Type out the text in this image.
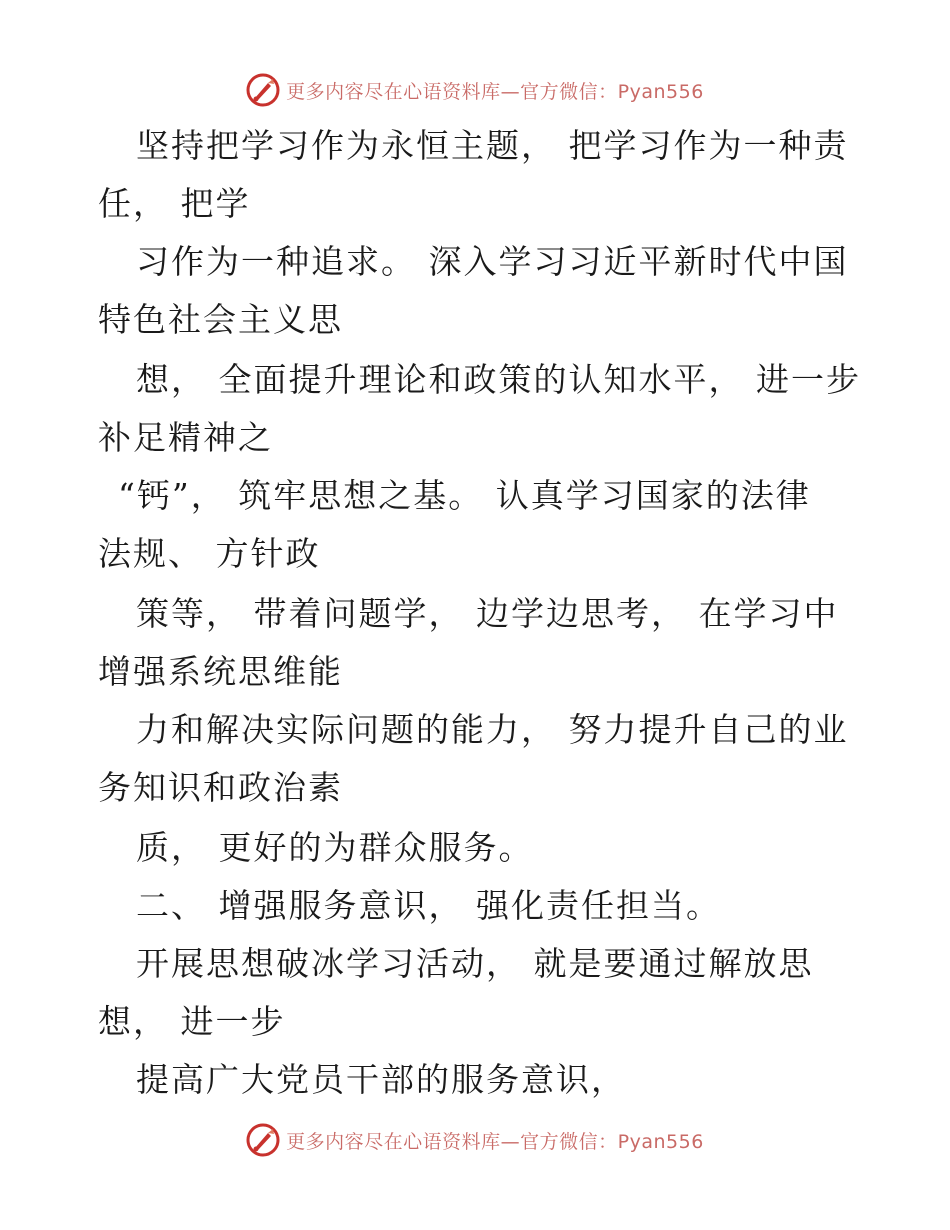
更多内容尽在心语资料库—官方微信：Pyan556
坚持把学习作为永恒主题， 把学习作为一种责
任， 把学
习作为一种追求。 深入学习习近平新时代中国
特色社会主义思
想， 全面提升理论和政策的认知水平， 进一步
补足精神之
“钙”， 筑牢思想之基。 认真学习国家的法律
法规、 方针政
策等， 带着问题学， 边学边思考， 在学习中
增强系统思维能
力和解决实际问题的能力， 努力提升自己的业
务知识和政治素
质， 更好的为群众服务。
二、 增强服务意识， 强化责任担当。
开展思想破冰学习活动， 就是要通过解放思
想， 进一步
提高广大党员干部的服务意识，
更多内容尽在心语资料库—官方微信：Pyan556
